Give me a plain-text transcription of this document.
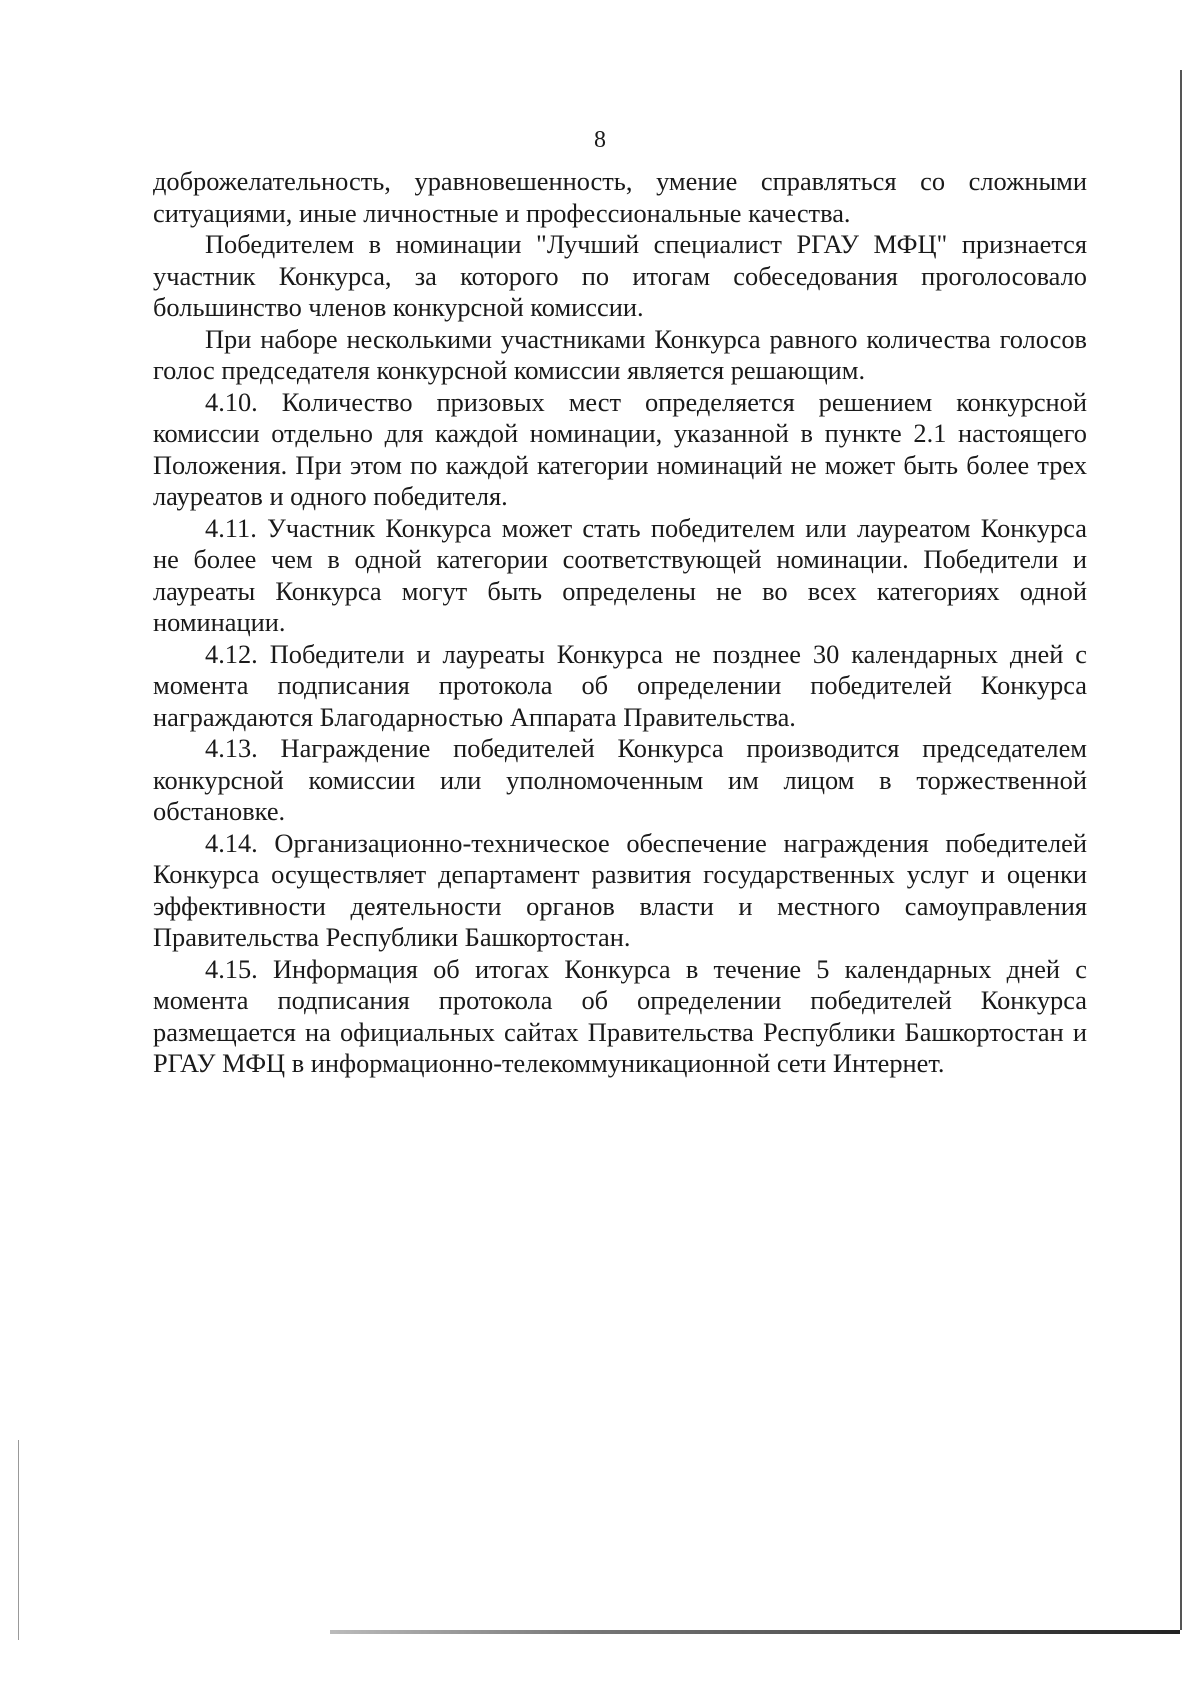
8

доброжелательность, уравновешенность, умение справляться со сложными ситуациями, иные личностные и профессиональные качества.

Победителем в номинации "Лучший специалист РГАУ МФЦ" признается участник Конкурса, за которого по итогам собеседования проголосовало большинство членов конкурсной комиссии.

При наборе несколькими участниками Конкурса равного количества голосов голос председателя конкурсной комиссии является решающим.

4.10. Количество призовых мест определяется решением конкурсной комиссии отдельно для каждой номинации, указанной в пункте 2.1 настоящего Положения. При этом по каждой категории номинаций не может быть более трех лауреатов и одного победителя.

4.11. Участник Конкурса может стать победителем или лауреатом Конкурса не более чем в одной категории соответствующей номинации. Победители и лауреаты Конкурса могут быть определены не во всех категориях одной номинации.

4.12. Победители и лауреаты Конкурса не позднее 30 календарных дней с момента подписания протокола об определении победителей Конкурса награждаются Благодарностью Аппарата Правительства.

4.13. Награждение победителей Конкурса производится председателем конкурсной комиссии или уполномоченным им лицом в торжественной обстановке.

4.14. Организационно-техническое обеспечение награждения победителей Конкурса осуществляет департамент развития государственных услуг и оценки эффективности деятельности органов власти и местного самоуправления Правительства Республики Башкортостан.

4.15. Информация об итогах Конкурса в течение 5 календарных дней с момента подписания протокола об определении победителей Конкурса размещается на официальных сайтах Правительства Республики Башкортостан и РГАУ МФЦ в информационно-телекоммуникационной сети Интернет.
